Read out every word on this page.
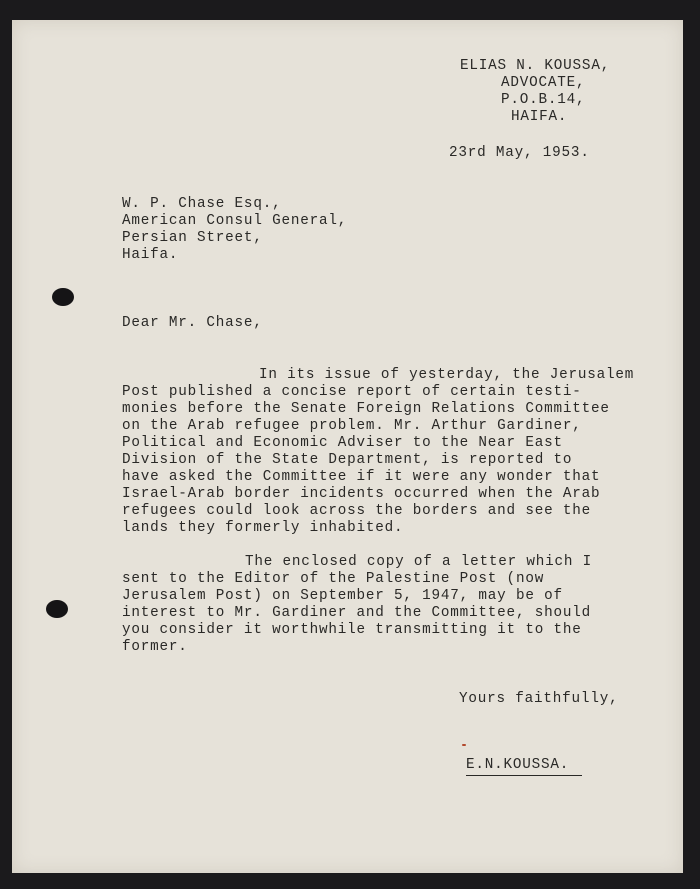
ELIAS N. KOUSSA,
ADVOCATE,
P.O.B.14,
HAIFA.
23rd May, 1953.
W. P. Chase Esq.,
American Consul General,
Persian Street,
Haifa.
Dear Mr. Chase,
In its issue of yesterday, the Jerusalem
Post published a concise report of certain testi-
monies before the Senate Foreign Relations Committee
on the Arab refugee problem. Mr. Arthur Gardiner,
Political and Economic Adviser to the Near East
Division of the State Department, is reported to
have asked the Committee if it were any wonder that
Israel-Arab border incidents occurred when the Arab
refugees could look across the borders and see the
lands they formerly inhabited.
The enclosed copy of a letter which I
sent to the Editor of the Palestine Post (now
Jerusalem Post) on September 5, 1947, may be of
interest to Mr. Gardiner and the Committee, should
you consider it worthwhile transmitting it to the
former.
Yours faithfully,
E.N.KOUSSA.
